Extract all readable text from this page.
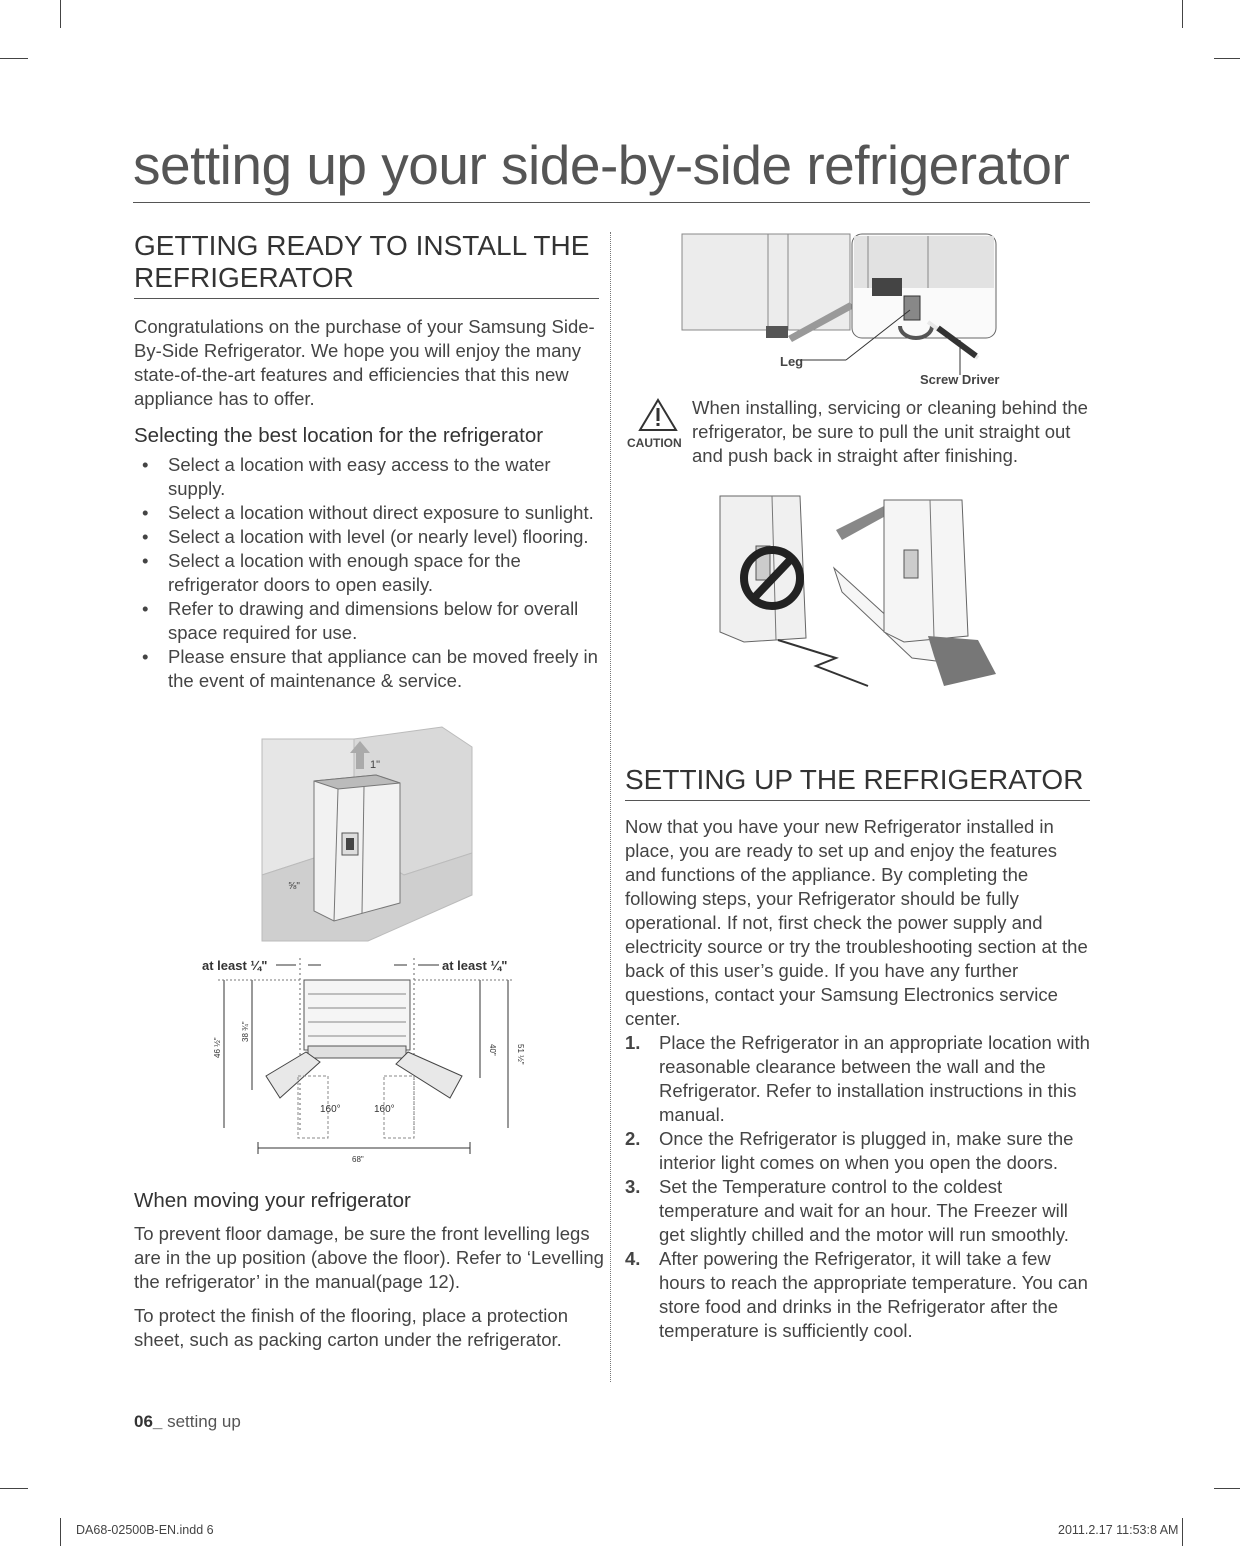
setting up your side-by-side refrigerator
GETTING READY TO INSTALL THE REFRIGERATOR

Congratulations on the purchase of your Samsung Side-By-Side Refrigerator. We hope you will enjoy the many state-of-the-art features and efficiencies that this new appliance has to offer.

Selecting the best location for the refrigerator
• Select a location with easy access to the water supply.
• Select a location without direct exposure to sunlight.
• Select a location with level (or nearly level) flooring.
• Select a location with enough space for the refrigerator doors to open easily.
• Refer to drawing and dimensions below for overall space required for use.
• Please ensure that appliance can be moved freely in the event of maintenance & service.
1"
⅝"
at least ¼"	at least ¼"
46 ½"
38 ¾"
40" 51 ½"
160°	160°
68"
When moving your refrigerator

To prevent floor damage, be sure the front levelling legs are in the up position (above the floor). Refer to ‘Levelling the refrigerator’ in the manual(page 12).

To protect the finish of the flooring, place a protection sheet, such as packing carton under the refrigerator.

Leg
Screw Driver
CAUTION

When installing, servicing or cleaning behind the refrigerator, be sure to pull the unit straight out and push back in straight after finishing.

SETTING UP THE REFRIGERATOR

Now that you have your new Refrigerator installed in place, you are ready to set up and enjoy the features and functions of the appliance. By completing the following steps, your Refrigerator should be fully operational. If not, first check the power supply and electricity source or try the troubleshooting section at the back of this user’s guide. If you have any further questions, contact your Samsung Electronics service center.

1. Place the Refrigerator in an appropriate location with reasonable clearance between the wall and the Refrigerator. Refer to installation instructions in this manual.
2. Once the Refrigerator is plugged in, make sure the interior light comes on when you open the doors.
3. Set the Temperature control to the coldest temperature and wait for an hour. The Freezer will get slightly chilled and the motor will run smoothly.
4. After powering the Refrigerator, it will take a few hours to reach the appropriate temperature. You can store food and drinks in the Refrigerator after the temperature is sufficiently cool.
06_ setting up
DA68-02500B-EN.indd 6	2011.2.17 11:53:8 AM
